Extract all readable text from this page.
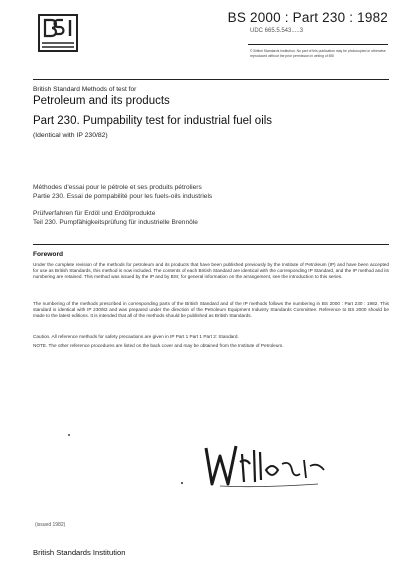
BS 2000 : Part 230 : 1982
UDC 665.5.543.....3
© British Standards Institution. No part of this publication may be photocopied or otherwise reproduced without the prior permission in writing of BSI
British Standard Methods of test for
Petroleum and its products
Part 230. Pumpability test for industrial fuel oils
(Identical with IP 230/82)
Méthodes d'essai pour le pétrole et ses produits pétroliers
Partie 230. Essai de pompabilité pour les fuels-oils industriels
Prüfverfahren für Erdöl und Erdölprodukte
Teil 230. Pumpfähigkeitsprüfung für industrielle Brennöle
Foreword
Under the complete revision of the methods for petroleum and its products that have been published previously by the Institute of Petroleum (IP) and have been accepted for use as British Standards, this method is now included. The contents of each British Standard are identical with the corresponding IP Standard, and the IP method and its numbering are retained. This method was issued by the IP and by BSI; for general information on the arrangement, see the introduction to this series.
The numbering of the methods prescribed in corresponding parts of the British Standard and of the IP methods follows the numbering in BS 2000 : Part 230 : 1982. This standard is identical with IP 230/82 and was prepared under the direction of the Petroleum Equipment Industry Standards Committee. Reference to BS 2000 should be made to the latest editions. It is intended that all of the methods should be published as British Standards.
Caution. All reference methods for safety precautions are given in IP Part 1 Part 1 Part 2: Standard.
NOTE. The other reference procedures are listed on the back cover and may be obtained from the Institute of Petroleum.
(issued 1982)
British Standards Institution
